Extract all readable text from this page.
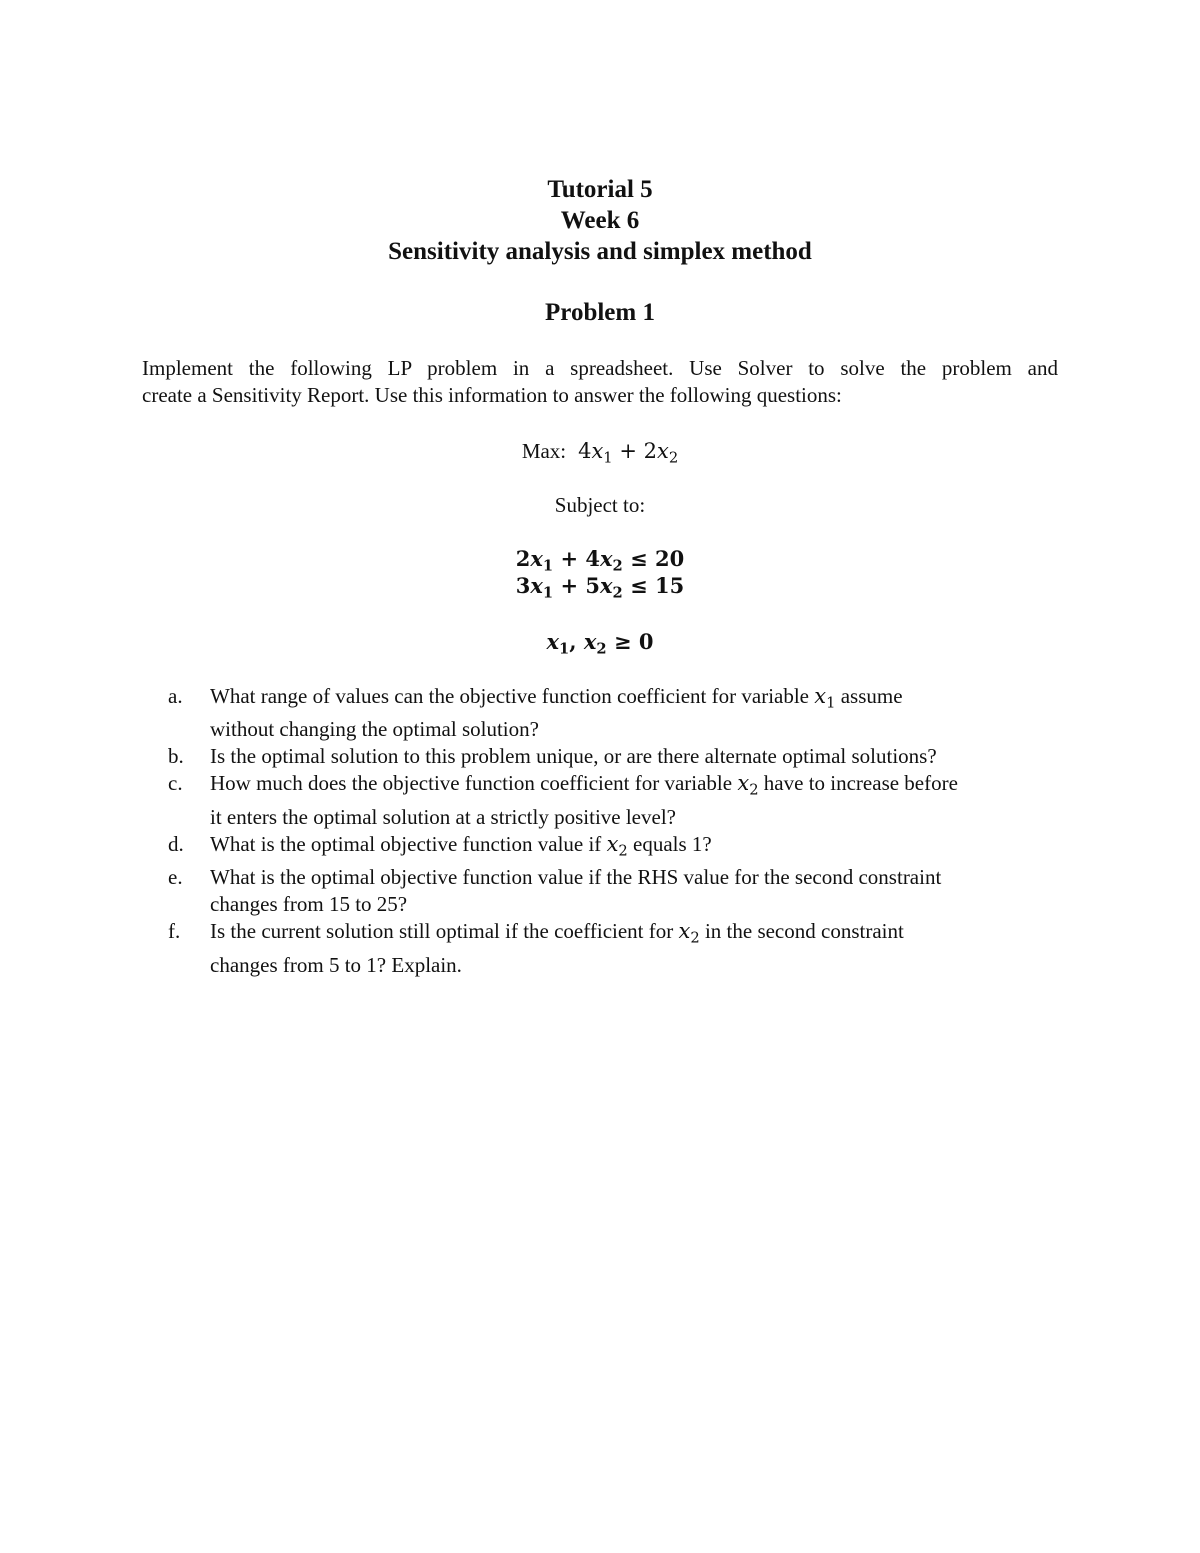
Tutorial 5
Week 6
Sensitivity analysis and simplex method
Problem 1
Implement the following LP problem in a spreadsheet. Use Solver to solve the problem and
create a Sensitivity Report. Use this information to answer the following questions:
Max: $4x_1 + 2x_2$
Subject to:
$2x_1 + 4x_2 \le 20$
$3x_1 + 5x_2 \le 15$
$x_1$, $x_2 \ge 0$
a.	What range of values can the objective function coefficient for variable $x_1$ assume
without changing the optimal solution?
b.	Is the optimal solution to this problem unique, or are there alternate optimal solutions?
c.	How much does the objective function coefficient for variable $x_2$ have to increase before
it enters the optimal solution at a strictly positive level?
d.	What is the optimal objective function value if $x_2$ equals 1?
e.	What is the optimal objective function value if the RHS value for the second constraint
changes from 15 to 25?
f.	Is the current solution still optimal if the coefficient for $x_2$ in the second constraint
changes from 5 to 1? Explain.
